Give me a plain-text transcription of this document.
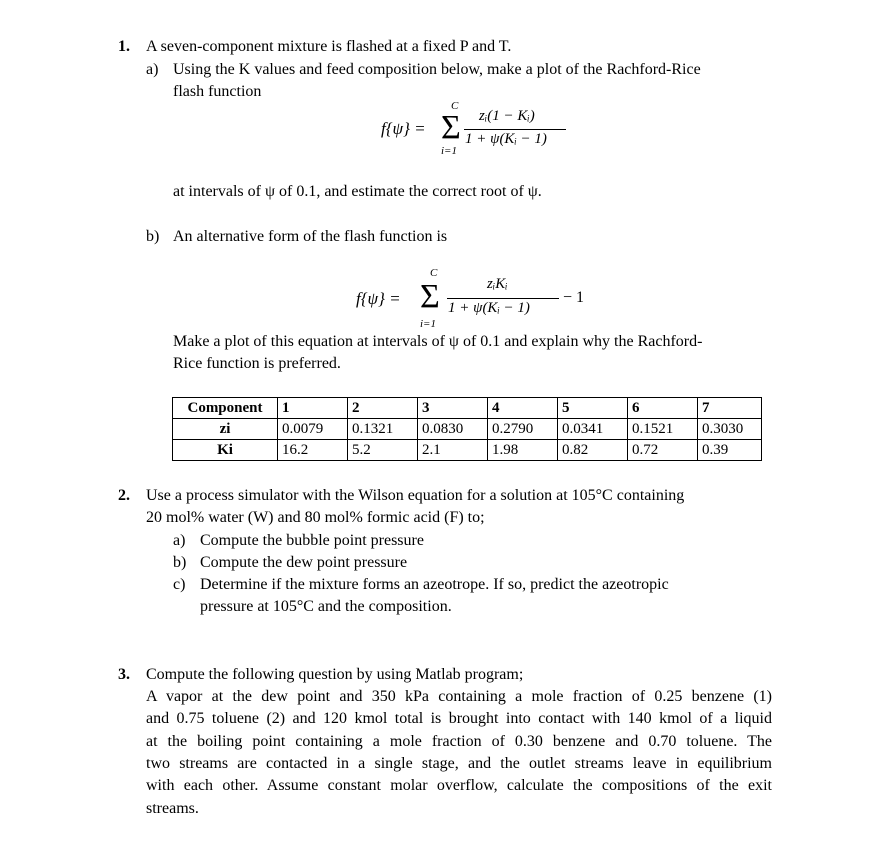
1. A seven-component mixture is flashed at a fixed P and T.
a) Using the K values and feed composition below, make a plot of the Rachford-Rice
flash function
f{ψ} =
C
Σ
i=1
zᵢ(1 − Kᵢ)
1 + ψ(Kᵢ − 1)
at intervals of ψ of 0.1, and estimate the correct root of ψ.
b) An alternative form of the flash function is
f{ψ} =
C
Σ
i=1
zᵢKᵢ
1 + ψ(Kᵢ − 1)
− 1
Make a plot of this equation at intervals of ψ of 0.1 and explain why the Rachford-
Rice function is preferred.
Component	1	2	3	4	5	6	7
zi	0.0079	0.1321	0.0830	0.2790	0.0341	0.1521	0.3030
Ki	16.2	5.2	2.1	1.98	0.82	0.72	0.39
2. Use a process simulator with the Wilson equation for a solution at 105°C containing
20 mol% water (W) and 80 mol% formic acid (F) to;
a) Compute the bubble point pressure
b) Compute the dew point pressure
c) Determine if the mixture forms an azeotrope. If so, predict the azeotropic
pressure at 105°C and the composition.
3. Compute the following question by using Matlab program;
A vapor at the dew point and 350 kPa containing a mole fraction of 0.25 benzene (1)
and 0.75 toluene (2) and 120 kmol total is brought into contact with 140 kmol of a liquid
at the boiling point containing a mole fraction of 0.30 benzene and 0.70 toluene. The
two streams are contacted in a single stage, and the outlet streams leave in equilibrium
with each other. Assume constant molar overflow, calculate the compositions of the exit
streams.
